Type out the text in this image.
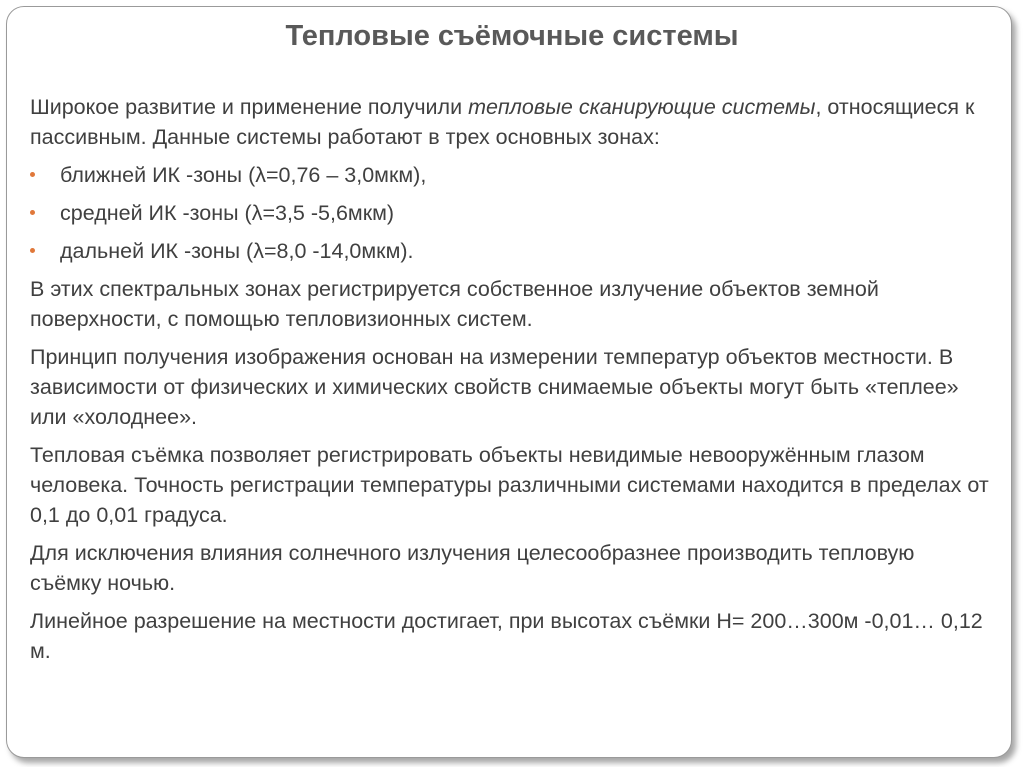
Тепловые съёмочные системы

Широкое развитие и применение получили тепловые сканирующие системы, относящиеся к пассивным. Данные системы работают в трех основных зонах:

ближней ИК -зоны (λ=0,76 – 3,0мкм),
средней ИК -зоны (λ=3,5 -5,6мкм)
дальней ИК -зоны (λ=8,0 -14,0мкм).

В этих спектральных зонах регистрируется собственное излучение объектов земной поверхности, с помощью тепловизионных систем.

Принцип получения изображения основан на измерении температур объектов местности. В зависимости от физических и химических свойств снимаемые объекты могут быть «теплее» или «холоднее».

Тепловая съёмка позволяет регистрировать объекты невидимые невооружённым глазом человека. Точность регистрации температуры различными системами находится в пределах от 0,1 до 0,01 градуса.

Для исключения влияния солнечного излучения целесообразнее производить тепловую съёмку ночью.

Линейное разрешение на местности достигает, при высотах съёмки H= 200…300м -0,01… 0,12 м.
